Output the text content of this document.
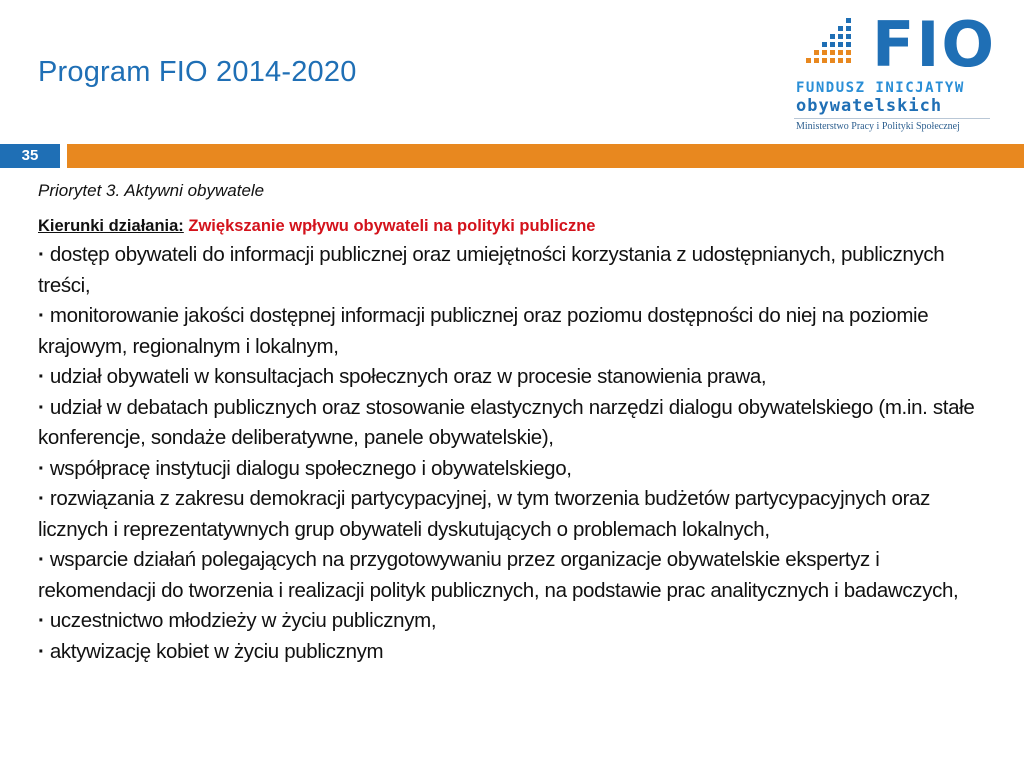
Program FIO 2014-2020	FIO
FUNDUSZ INICJATYW
obywatelskich
Ministerstwo Pracy i Polityki Społecznej
35
Priorytet 3. Aktywni obywatele
Kierunki działania: Zwiększanie wpływu obywateli na polityki publiczne
· dostęp obywateli do informacji publicznej oraz umiejętności korzystania z udostępnianych, publicznych treści,
· monitorowanie jakości dostępnej informacji publicznej oraz poziomu dostępności do niej na poziomie krajowym, regionalnym i lokalnym,
· udział obywateli w konsultacjach społecznych oraz w procesie stanowienia prawa,
· udział w debatach publicznych oraz stosowanie elastycznych narzędzi dialogu obywatelskiego (m.in. stałe konferencje, sondaże deliberatywne, panele obywatelskie),
· współpracę instytucji dialogu społecznego i obywatelskiego,
· rozwiązania z zakresu demokracji partycypacyjnej, w tym tworzenia budżetów partycypacyjnych oraz licznych i reprezentatywnych grup obywateli dyskutujących o problemach lokalnych,
· wsparcie działań polegających na przygotowywaniu przez organizacje obywatelskie ekspertyz i rekomendacji do tworzenia i realizacji polityk publicznych, na podstawie prac analitycznych i badawczych,
· uczestnictwo młodzieży w życiu publicznym,
· aktywizację kobiet w życiu publicznym
